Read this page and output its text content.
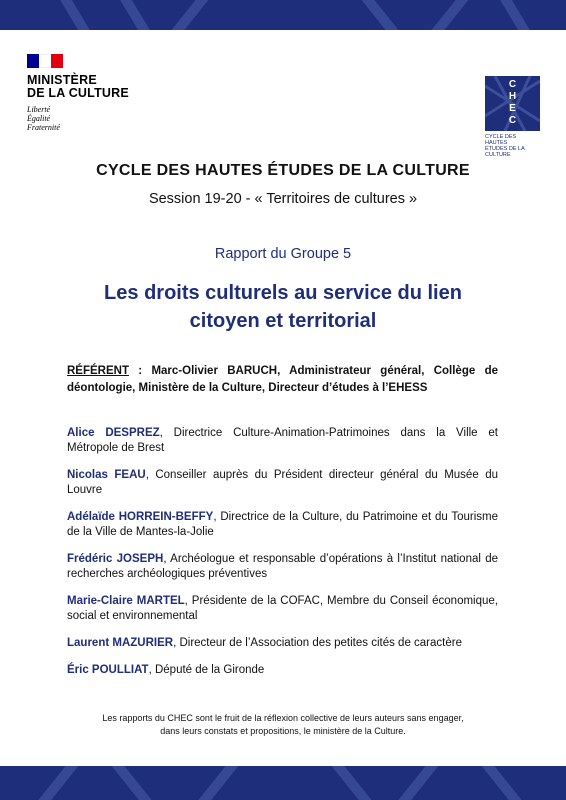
MINISTÈRE
DE LA CULTURE
Liberté
Égalité
Fraternité
C
H
E
C
CYCLE DES
HAUTES
ÉTUDES DE LA
CULTURE
CYCLE DES HAUTES ÉTUDES DE LA CULTURE
Session 19-20 - « Territoires de cultures »
Rapport du Groupe 5
Les droits culturels au service du lien
citoyen et territorial
RÉFÉRENT : Marc-Olivier BARUCH, Administrateur général, Collège de déontologie, Ministère de la Culture, Directeur d’études à l’EHESS
Alice DESPREZ, Directrice Culture-Animation-Patrimoines dans la Ville et Métropole de Brest
Nicolas FEAU, Conseiller auprès du Président directeur général du Musée du Louvre
Adélaïde HORREIN-BEFFY, Directrice de la Culture, du Patrimoine et du Tourisme de la Ville de Mantes-la-Jolie
Frédéric JOSEPH, Archéologue et responsable d’opérations à l’Institut national de recherches archéologiques préventives
Marie-Claire MARTEL, Présidente de la COFAC, Membre du Conseil économique, social et environnemental
Laurent MAZURIER, Directeur de l’Association des petites cités de caractère
Éric POULLIAT, Député de la Gironde
Les rapports du CHEC sont le fruit de la réflexion collective de leurs auteurs sans engager,
dans leurs constats et propositions, le ministère de la Culture.
